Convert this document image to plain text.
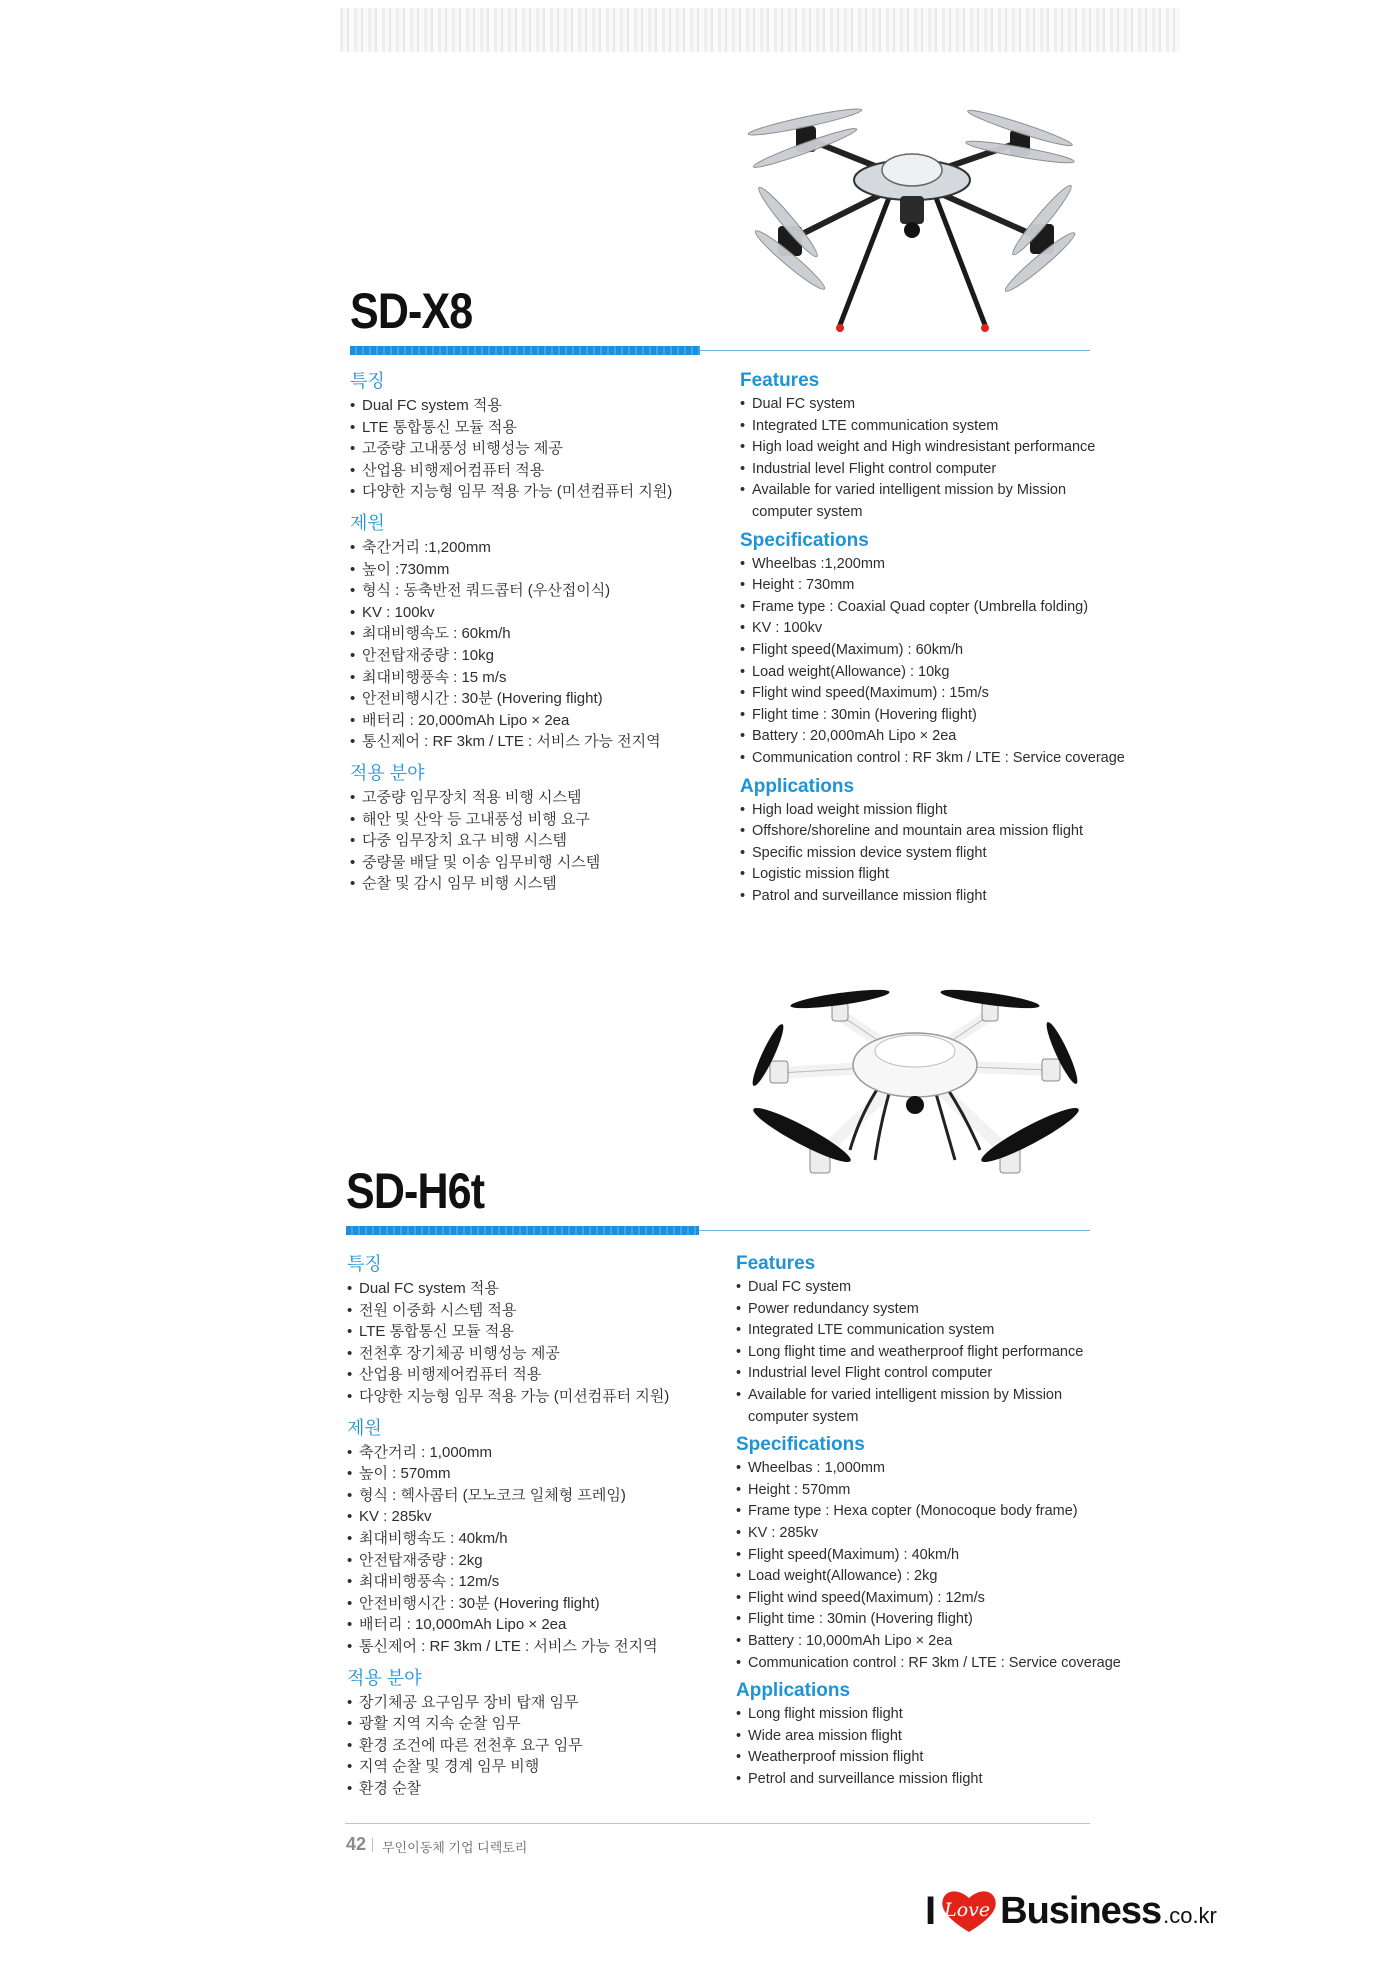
SD-X8
특징
• Dual FC system 적용
• LTE 통합통신 모듈 적용
• 고중량 고내풍성 비행성능 제공
• 산업용 비행제어컴퓨터 적용
• 다양한 지능형 임무 적용 가능 (미션컴퓨터 지원)
제원
• 축간거리 :1,200mm
• 높이 :730mm
• 형식 : 동축반전 쿼드콥터 (우산접이식)
• KV : 100kv
• 최대비행속도 : 60km/h
• 안전탑재중량 : 10kg
• 최대비행풍속 : 15 m/s
• 안전비행시간 : 30분 (Hovering flight)
• 배터리 : 20,000mAh Lipo × 2ea
• 통신제어 : RF 3km / LTE : 서비스 가능 전지역
적용 분야
• 고중량 임무장치 적용 비행 시스템
• 해안 및 산악 등 고내풍성 비행 요구
• 다중 임무장치 요구 비행 시스템
• 중량물 배달 및 이송 임무비행 시스템
• 순찰 및 감시 임무 비행 시스템
Features
• Dual FC system
• Integrated LTE communication system
• High load weight and High windresistant performance
• Industrial level Flight control computer
• Available for varied intelligent mission by Mission
computer system
Specifications
• Wheelbas :1,200mm
• Height : 730mm
• Frame type : Coaxial Quad copter (Umbrella folding)
• KV : 100kv
• Flight speed(Maximum) : 60km/h
• Load weight(Allowance) : 10kg
• Flight wind speed(Maximum) : 15m/s
• Flight time : 30min (Hovering flight)
• Battery : 20,000mAh Lipo × 2ea
• Communication control : RF 3km / LTE : Service coverage
Applications
• High load weight mission flight
• Offshore/shoreline and mountain area mission flight
• Specific mission device system flight
• Logistic mission flight
• Patrol and surveillance mission flight
SD-H6t
특징
• Dual FC system 적용
• 전원 이중화 시스템 적용
• LTE 통합통신 모듈 적용
• 전천후 장기체공 비행성능 제공
• 산업용 비행제어컴퓨터 적용
• 다양한 지능형 임무 적용 가능 (미션컴퓨터 지원)
제원
• 축간거리 : 1,000mm
• 높이 : 570mm
• 형식 : 헥사콥터 (모노코크 일체형 프레임)
• KV : 285kv
• 최대비행속도 : 40km/h
• 안전탑재중량 : 2kg
• 최대비행풍속 : 12m/s
• 안전비행시간 : 30분 (Hovering flight)
• 배터리 : 10,000mAh Lipo × 2ea
• 통신제어 : RF 3km / LTE : 서비스 가능 전지역
적용 분야
• 장기체공 요구임무 장비 탑재 임무
• 광활 지역 지속 순찰 임무
• 환경 조건에 따른 전천후 요구 임무
• 지역 순찰 및 경계 임무 비행
• 환경 순찰
Features
• Dual FC system
• Power redundancy system
• Integrated LTE communication system
• Long flight time and weatherproof flight performance
• Industrial level Flight control computer
• Available for varied intelligent mission by Mission
computer system
Specifications
• Wheelbas : 1,000mm
• Height : 570mm
• Frame type : Hexa copter (Monocoque body frame)
• KV : 285kv
• Flight speed(Maximum) : 40km/h
• Load weight(Allowance) : 2kg
• Flight wind speed(Maximum) : 12m/s
• Flight time : 30min (Hovering flight)
• Battery : 10,000mAh Lipo × 2ea
• Communication control : RF 3km / LTE : Service coverage
Applications
• Long flight mission flight
• Wide area mission flight
• Weatherproof mission flight
• Petrol and surveillance mission flight
42 무인이동체 기업 디렉토리
I Love Business .co.kr
